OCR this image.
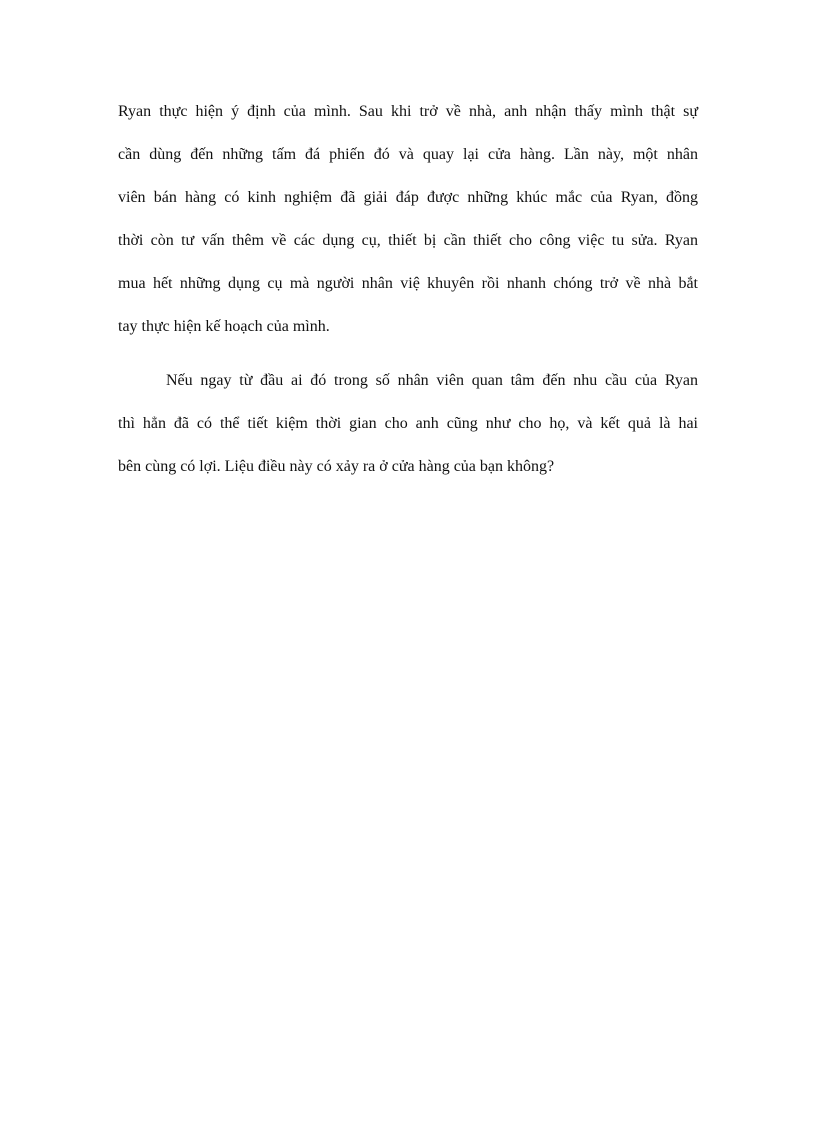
Ryan thực hiện ý định của mình. Sau khi trở về nhà, anh nhận thấy mình thật sự
cần dùng đến những tấm đá phiến đó và quay lại cửa hàng. Lần này, một nhân
viên bán hàng có kinh nghiệm đã giải đáp được những khúc mắc của Ryan, đồng
thời còn tư vấn thêm về các dụng cụ, thiết bị cần thiết cho công việc tu sửa. Ryan
mua hết những dụng cụ mà người nhân việ khuyên rồi nhanh chóng trở về nhà bắt
tay thực hiện kế hoạch của mình.

Nếu ngay từ đầu ai đó trong số nhân viên quan tâm đến nhu cầu của Ryan
thì hẳn đã có thể tiết kiệm thời gian cho anh cũng như cho họ, và kết quả là hai
bên cùng có lợi. Liệu điều này có xảy ra ở cửa hàng của bạn không?
